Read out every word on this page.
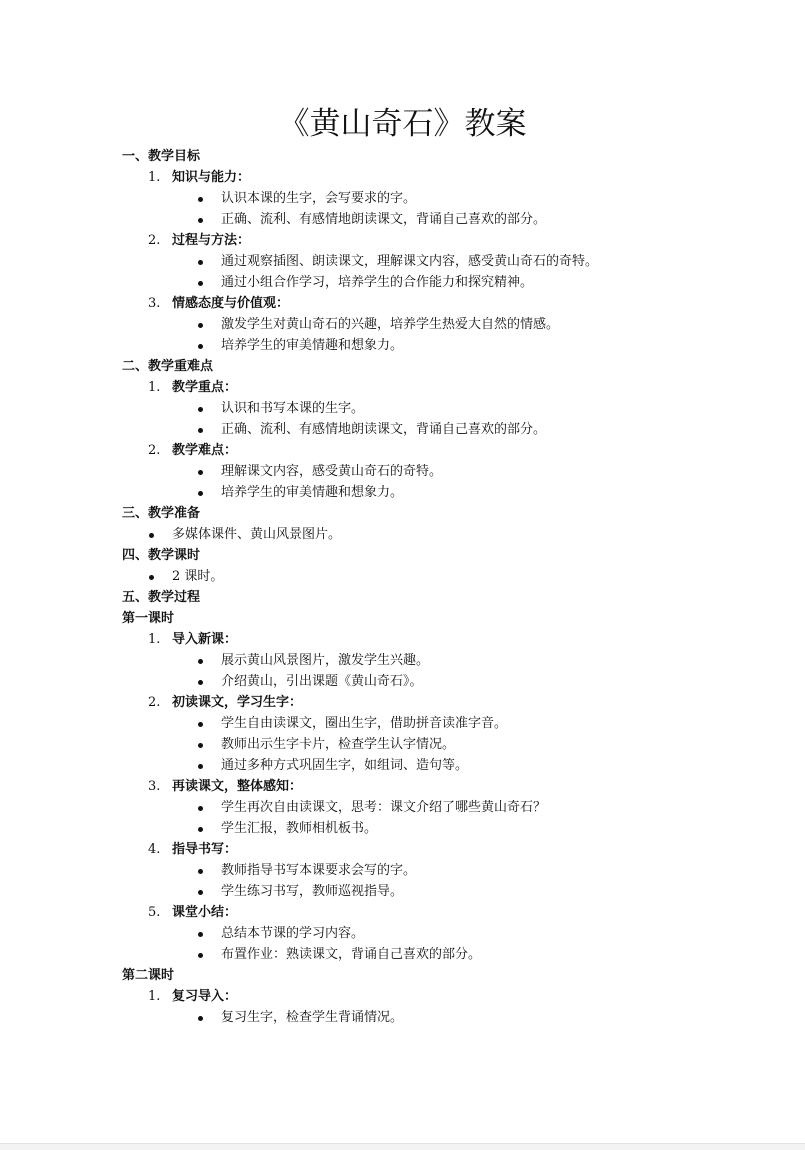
《黄山奇石》教案
一、教学目标
1. 知识与能力：
认识本课的生字，会写要求的字。
正确、流利、有感情地朗读课文，背诵自己喜欢的部分。
2. 过程与方法：
通过观察插图、朗读课文，理解课文内容，感受黄山奇石的奇特。
通过小组合作学习，培养学生的合作能力和探究精神。
3. 情感态度与价值观：
激发学生对黄山奇石的兴趣，培养学生热爱大自然的情感。
培养学生的审美情趣和想象力。
二、教学重难点
1. 教学重点：
认识和书写本课的生字。
正确、流利、有感情地朗读课文，背诵自己喜欢的部分。
2. 教学难点：
理解课文内容，感受黄山奇石的奇特。
培养学生的审美情趣和想象力。
三、教学准备
多媒体课件、黄山风景图片。
四、教学课时
2 课时。
五、教学过程
第一课时
1. 导入新课：
展示黄山风景图片，激发学生兴趣。
介绍黄山，引出课题《黄山奇石》。
2. 初读课文，学习生字：
学生自由读课文，圈出生字，借助拼音读准字音。
教师出示生字卡片，检查学生认字情况。
通过多种方式巩固生字，如组词、造句等。
3. 再读课文，整体感知：
学生再次自由读课文，思考：课文介绍了哪些黄山奇石？
学生汇报，教师相机板书。
4. 指导书写：
教师指导书写本课要求会写的字。
学生练习书写，教师巡视指导。
5. 课堂小结：
总结本节课的学习内容。
布置作业：熟读课文，背诵自己喜欢的部分。
第二课时
1. 复习导入：
复习生字，检查学生背诵情况。
